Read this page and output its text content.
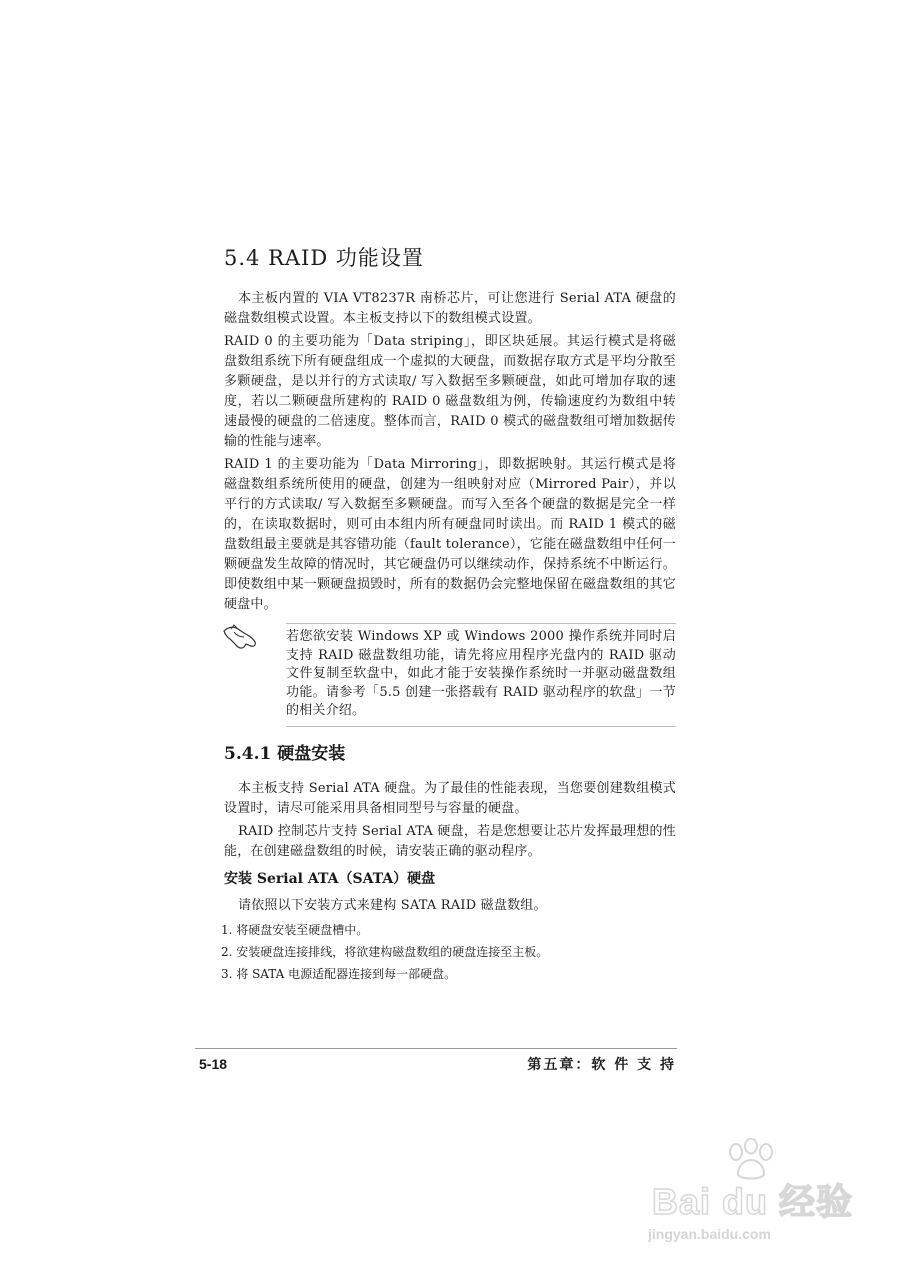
5.4 RAID 功能设置

本主板内置的 VIA VT8237R 南桥芯片，可让您进行 Serial ATA 硬盘的磁盘数组模式设置。本主板支持以下的数组模式设置。

RAID 0 的主要功能为「Data striping」，即区块延展。其运行模式是将磁盘数组系统下所有硬盘组成一个虚拟的大硬盘，而数据存取方式是平均分散至多颗硬盘，是以并行的方式读取/ 写入数据至多颗硬盘，如此可增加存取的速度，若以二颗硬盘所建构的 RAID 0 磁盘数组为例，传输速度约为数组中转速最慢的硬盘的二倍速度。整体而言，RAID 0 模式的磁盘数组可增加数据传输的性能与速率。

RAID 1 的主要功能为「Data Mirroring」，即数据映射。其运行模式是将磁盘数组系统所使用的硬盘，创建为一组映射对应（Mirrored Pair），并以平行的方式读取/ 写入数据至多颗硬盘。而写入至各个硬盘的数据是完全一样的，在读取数据时，则可由本组内所有硬盘同时读出。而 RAID 1 模式的磁盘数组最主要就是其容错功能（fault tolerance），它能在磁盘数组中任何一颗硬盘发生故障的情况时，其它硬盘仍可以继续动作，保持系统不中断运行。即使数组中某一颗硬盘损毁时，所有的数据仍会完整地保留在磁盘数组的其它硬盘中。

若您欲安装 Windows XP 或 Windows 2000 操作系统并同时启支持 RAID 磁盘数组功能，请先将应用程序光盘内的 RAID 驱动文件复制至软盘中，如此才能于安装操作系统时一并驱动磁盘数组功能。请参考「5.5 创建一张搭载有 RAID 驱动程序的软盘」一节的相关介绍。
5.4.1 硬盘安装

本主板支持 Serial ATA 硬盘。为了最佳的性能表现，当您要创建数组模式设置时，请尽可能采用具备相同型号与容量的硬盘。

RAID 控制芯片支持 Serial ATA 硬盘，若是您想要让芯片发挥最理想的性能，在创建磁盘数组的时候，请安装正确的驱动程序。

安装 Serial ATA（SATA）硬盘

请依照以下安装方式来建构 SATA RAID 磁盘数组。

1. 将硬盘安装至硬盘槽中。
2. 安装硬盘连接排线，将欲建构磁盘数组的硬盘连接至主板。
3. 将 SATA 电源适配器连接到每一部硬盘。
5-18	第五章：软 件 支 持
Bai du 经验
jingyan.baidu.com
